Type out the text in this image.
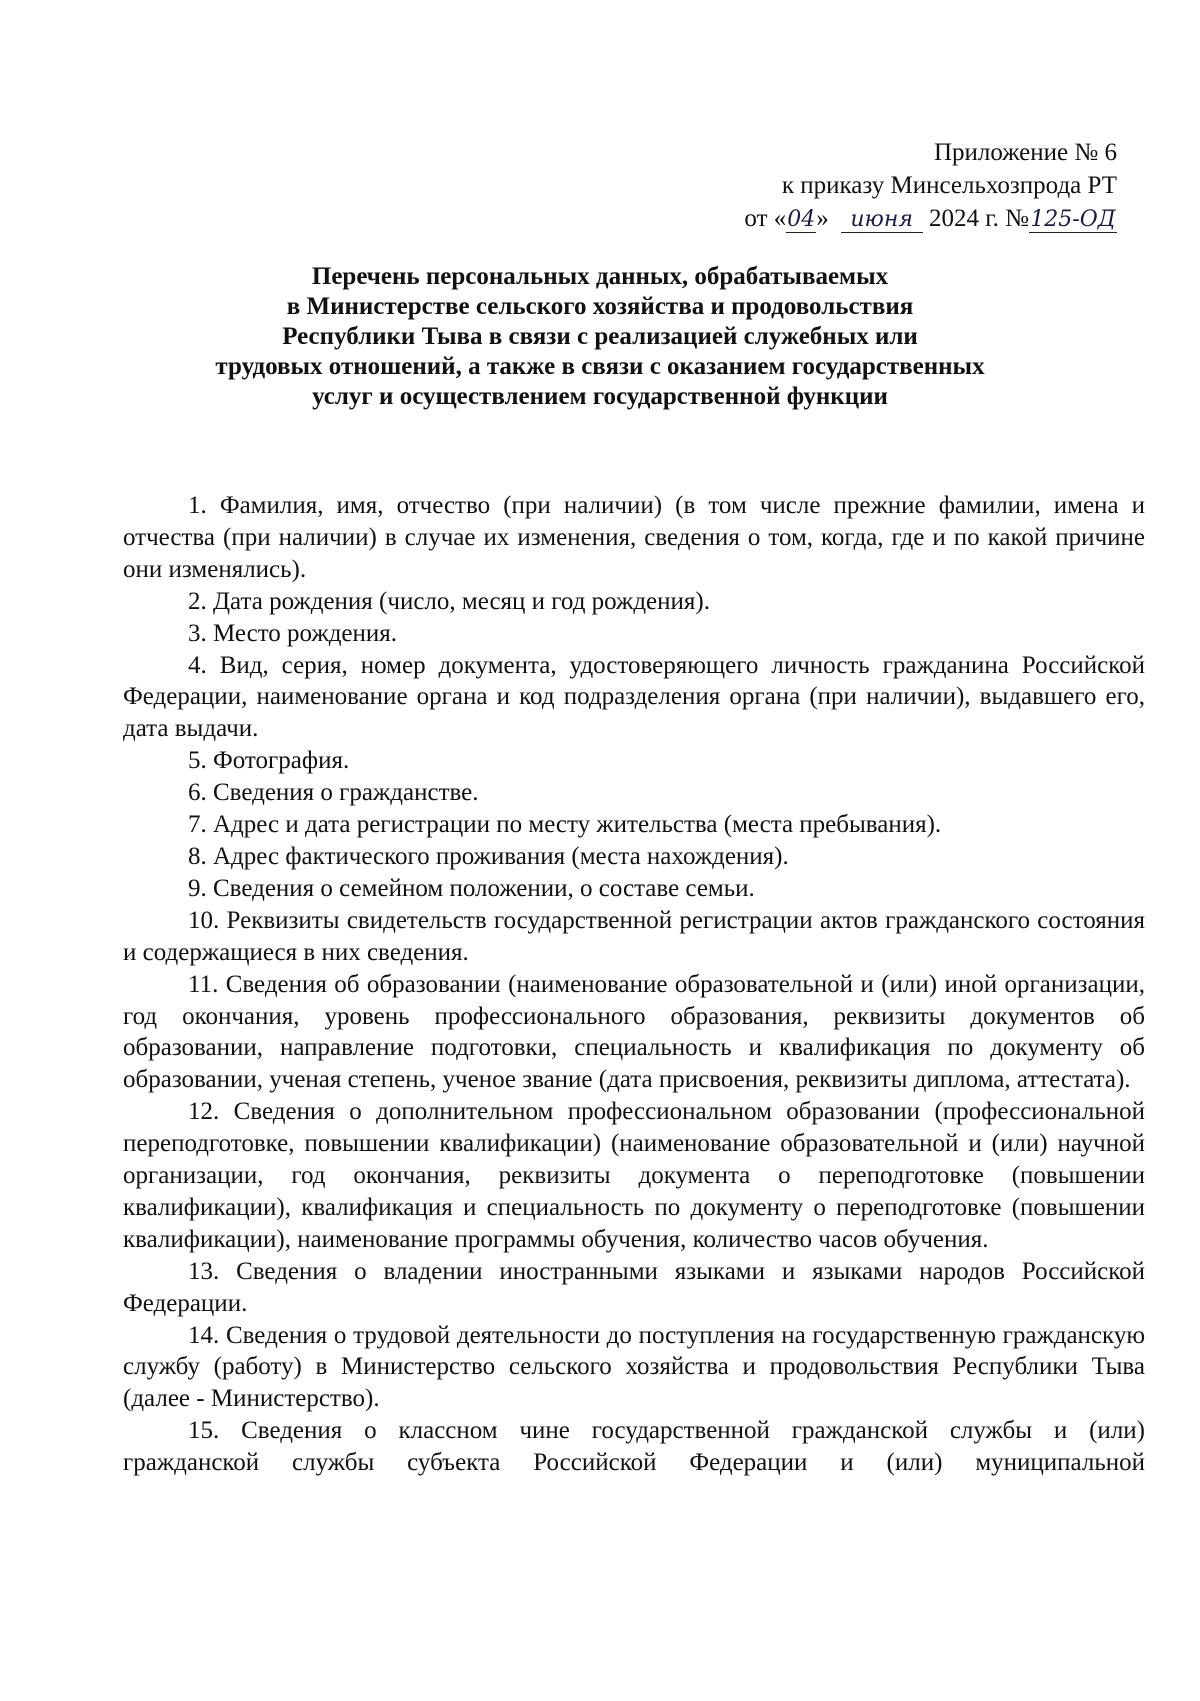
Приложение № 6
к приказу Минсельхозпрода РТ
от «04» июня 2024 г. №125-ОД
Перечень персональных данных, обрабатываемых
в Министерстве сельского хозяйства и продовольствия
Республики Тыва в связи с реализацией служебных или
трудовых отношений, а также в связи с оказанием государственных
услуг и осуществлением государственной функции

1. Фамилия, имя, отчество (при наличии) (в том числе прежние фамилии, имена и отчества (при наличии) в случае их изменения, сведения о том, когда, где и по какой причине они изменялись).

2. Дата рождения (число, месяц и год рождения).

3. Место рождения.

4. Вид, серия, номер документа, удостоверяющего личность гражданина Российской Федерации, наименование органа и код подразделения органа (при наличии), выдавшего его, дата выдачи.

5. Фотография.

6. Сведения о гражданстве.

7. Адрес и дата регистрации по месту жительства (места пребывания).

8. Адрес фактического проживания (места нахождения).

9. Сведения о семейном положении, о составе семьи.

10. Реквизиты свидетельств государственной регистрации актов гражданского состояния и содержащиеся в них сведения.

11. Сведения об образовании (наименование образовательной и (или) иной организации, год окончания, уровень профессионального образования, реквизиты документов об образовании, направление подготовки, специальность и квалификация по документу об образовании, ученая степень, ученое звание (дата присвоения, реквизиты диплома, аттестата).

12. Сведения о дополнительном профессиональном образовании (профессиональной переподготовке, повышении квалификации) (наименование образовательной и (или) научной организации, год окончания, реквизиты документа о переподготовке (повышении квалификации), квалификация и специальность по документу о переподготовке (повышении квалификации), наименование программы обучения, количество часов обучения.

13. Сведения о владении иностранными языками и языками народов Российской Федерации.

14. Сведения о трудовой деятельности до поступления на государственную гражданскую службу (работу) в Министерство сельского хозяйства и продовольствия Республики Тыва (далее - Министерство).

15. Сведения о классном чине государственной гражданской службы и (или) гражданской службы субъекта Российской Федерации и (или) муниципальной
